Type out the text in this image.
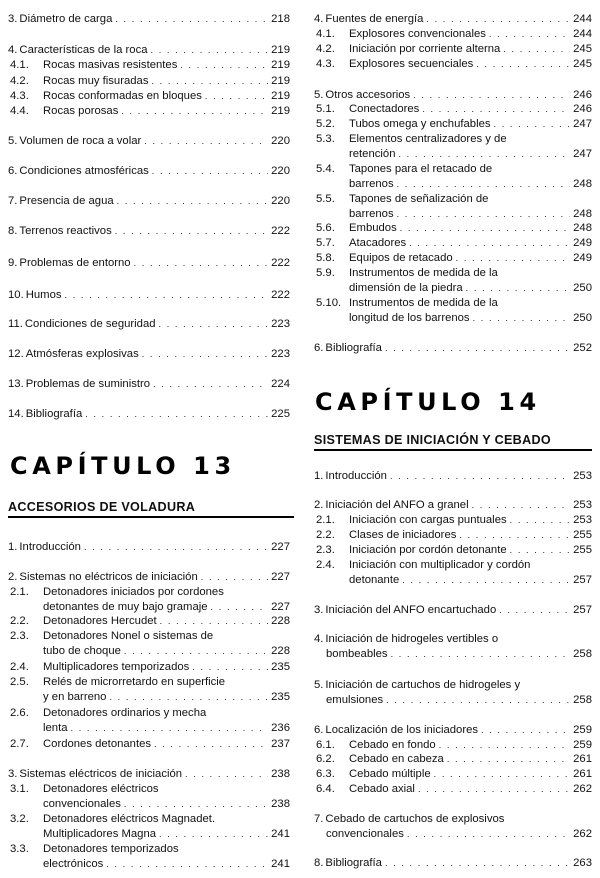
3. Diámetro de carga . . .	218
4. Características de la roca . . .	219
4.1. Rocas masivas resistentes . . .	219
4.2. Rocas muy fisuradas . . .	219
4.3. Rocas conformadas en bloques . . .	219
4.4. Rocas porosas . . .	219
5. Volumen de roca a volar . . .	220
6. Condiciones atmosféricas . . .	220
7. Presencia de agua . . .	220
8. Terrenos reactivos . . .	222
9. Problemas de entorno . . .	222
10. Humos . . .	222
11. Condiciones de seguridad . . .	223
12. Atmósferas explosivas . . .	223
13. Problemas de suministro . . .	224
14. Bibliografía . . .	225
CAPÍTULO 13
ACCESORIOS DE VOLADURA
1. Introducción . . .	227
2. Sistemas no eléctricos de iniciación . . .	227
2.1. Detonadores iniciados por cordones
detonantes de muy bajo gramaje . . .	227
2.2. Detonadores Hercudet . . .	228
2.3. Detonadores Nonel o sistemas de
tubo de choque . . .	228
2.4. Multiplicadores temporizados . . .	235
2.5. Relés de microrretardo en superficie
y en barreno . . .	235
2.6. Detonadores ordinarios y mecha
lenta . . .	236
2.7. Cordones detonantes . . .	237
3. Sistemas eléctricos de iniciación . . .	238
3.1. Detonadores eléctricos
convencionales . . .	238
3.2. Detonadores eléctricos Magnadet.
Multiplicadores Magna . . .	241
3.3. Detonadores temporizados
electrónicos . . .	241
4. Fuentes de energía . . .	244
4.1. Explosores convencionales . . .	244
4.2. Iniciación por corriente alterna . . .	245
4.3. Explosores secuenciales . . .	245
5. Otros accesorios . . .	246
5.1. Conectadores . . .	246
5.2. Tubos omega y enchufables . . .	247
5.3. Elementos centralizadores y de
retención . . .	247
5.4. Tapones para el retacado de
barrenos . . .	248
5.5. Tapones de señalización de
barrenos . . .	248
5.6. Embudos . . .	248
5.7. Atacadores . . .	249
5.8. Equipos de retacado . . .	249
5.9. Instrumentos de medida de la
dimensión de la piedra . . .	250
5.10. Instrumentos de medida de la
longitud de los barrenos . . .	250
6. Bibliografía . . .	252
CAPÍTULO 14
SISTEMAS DE INICIACIÓN Y CEBADO
1. Introducción . . .	253
2. Iniciación del ANFO a granel . . .	253
2.1. Iniciación con cargas puntuales . . .	253
2.2. Clases de iniciadores . . .	255
2.3. Iniciación por cordón detonante . . .	255
2.4. Iniciación con multiplicador y cordón
detonante . . .	257
3. Iniciación del ANFO encartuchado . . .	257
4. Iniciación de hidrogeles vertibles o
bombeables . . .	258
5. Iniciación de cartuchos de hidrogeles y
emulsiones . . .	258
6. Localización de los iniciadores . . .	259
6.1. Cebado en fondo . . .	259
6.2. Cebado en cabeza . . .	261
6.3. Cebado múltiple . . .	261
6.4. Cebado axial . . .	262
7. Cebado de cartuchos de explosivos
convencionales . . .	262
8. Bibliografía . . .	263
